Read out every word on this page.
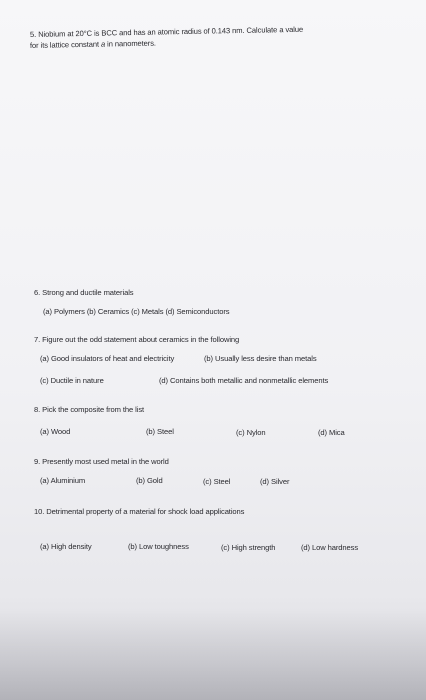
5. Niobium at 20°C is BCC and has an atomic radius of 0.143 nm. Calculate a value
for its lattice constant a in nanometers.
6. Strong and ductile materials
(a) Polymers (b) Ceramics (c) Metals (d) Semiconductors
7. Figure out the odd statement about ceramics in the following
(a) Good insulators of heat and electricity	(b) Usually less desire than metals
(c) Ductile in nature	(d) Contains both metallic and nonmetallic elements
8. Pick the composite from the list
(a) Wood	(b) Steel	(c) Nylon	(d) Mica
9. Presently most used metal in the world
(a) Aluminium	(b) Gold	(c) Steel	(d) Silver
10. Detrimental property of a material for shock load applications
(a) High density	(b) Low toughness	(c) High strength	(d) Low hardness
